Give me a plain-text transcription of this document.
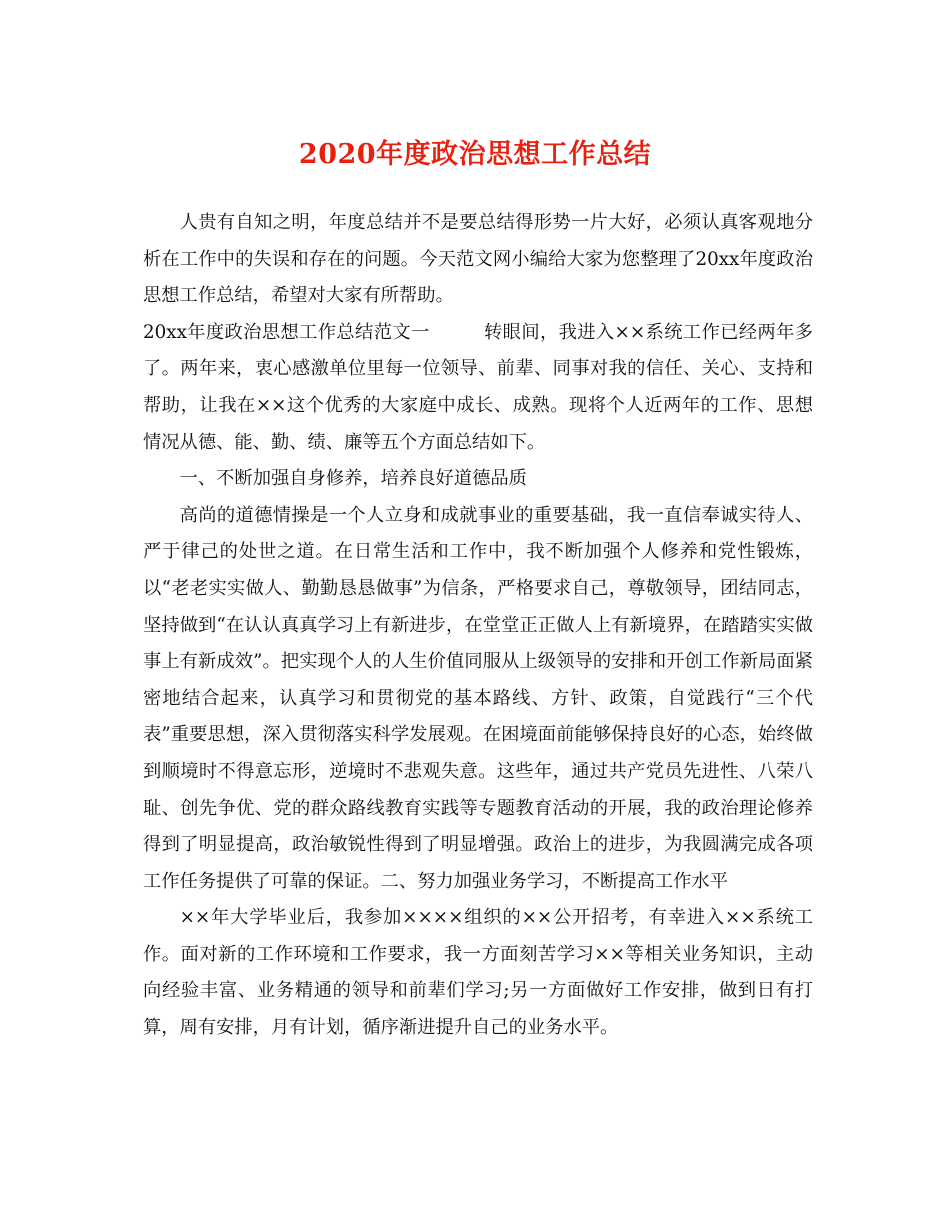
2020年度政治思想工作总结

人贵有自知之明，年度总结并不是要总结得形势一片大好，必须认真客观地分析在工作中的失误和存在的问题。今天范文网小编给大家为您整理了20xx年度政治思想工作总结，希望对大家有所帮助。

20xx年度政治思想工作总结范文一	转眼间，我进入××系统工作已经两年多了。两年来，衷心感激单位里每一位领导、前辈、同事对我的信任、关心、支持和帮助，让我在××这个优秀的大家庭中成长、成熟。现将个人近两年的工作、思想情况从德、能、勤、绩、廉等五个方面总结如下。

一、不断加强自身修养，培养良好道德品质

高尚的道德情操是一个人立身和成就事业的重要基础，我一直信奉诚实待人、严于律己的处世之道。在日常生活和工作中，我不断加强个人修养和党性锻炼，以“老老实实做人、勤勤恳恳做事”为信条，严格要求自己，尊敬领导，团结同志，坚持做到“在认认真真学习上有新进步，在堂堂正正做人上有新境界，在踏踏实实做事上有新成效”。把实现个人的人生价值同服从上级领导的安排和开创工作新局面紧密地结合起来，认真学习和贯彻党的基本路线、方针、政策，自觉践行“三个代表”重要思想，深入贯彻落实科学发展观。在困境面前能够保持良好的心态，始终做到顺境时不得意忘形，逆境时不悲观失意。这些年，通过共产党员先进性、八荣八耻、创先争优、党的群众路线教育实践等专题教育活动的开展，我的政治理论修养得到了明显提高，政治敏锐性得到了明显增强。政治上的进步，为我圆满完成各项工作任务提供了可靠的保证。二、努力加强业务学习，不断提高工作水平

××年大学毕业后，我参加××××组织的××公开招考，有幸进入××系统工作。面对新的工作环境和工作要求，我一方面刻苦学习××等相关业务知识，主动向经验丰富、业务精通的领导和前辈们学习;另一方面做好工作安排，做到日有打算，周有安排，月有计划，循序渐进提升自己的业务水平。
